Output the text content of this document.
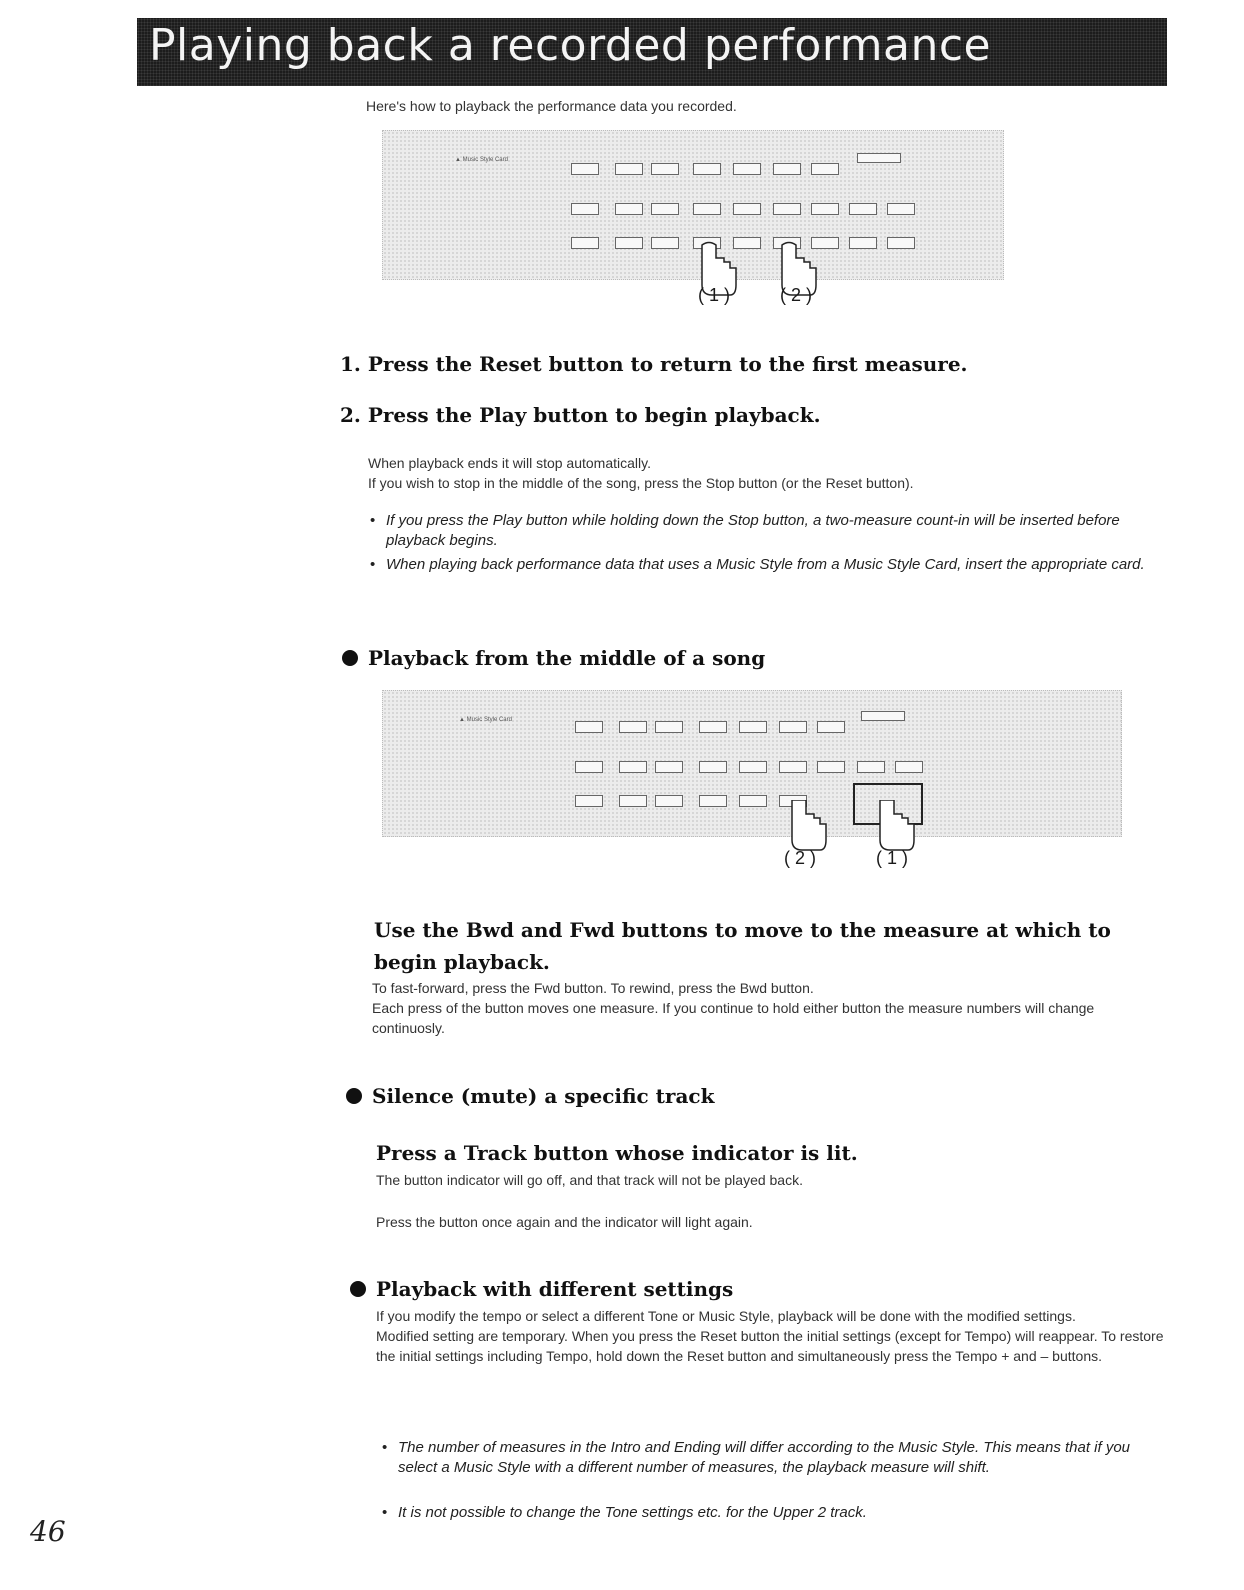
Playing back a recorded performance
Here's how to playback the performance data you recorded.
▲ Music Style Card
( 1 )	( 2 )
1. Press the Reset button to return to the first measure.
2. Press the Play button to begin playback.
When playback ends it will stop automatically.
If you wish to stop in the middle of the song, press the Stop button (or the Reset button).
• If you press the Play button while holding down the Stop button, a two-measure count-in will be inserted before playback begins.
• When playing back performance data that uses a Music Style from a Music Style Card, insert the appropriate card.
Playback from the middle of a song
▲ Music Style Card
( 2 )	( 1 )
Use the Bwd and Fwd buttons to move to the measure at which to begin playback.
To fast-forward, press the Fwd button. To rewind, press the Bwd button.
Each press of the button moves one measure. If you continue to hold either button the measure numbers will change continuosly.
Silence (mute) a specific track
Press a Track button whose indicator is lit.
The button indicator will go off, and that track will not be played back.
Press the button once again and the indicator will light again.
Playback with different settings
If you modify the tempo or select a different Tone or Music Style, playback will be done with the modified settings.
Modified setting are temporary. When you press the Reset button the initial settings (except for Tempo) will reappear. To restore the initial settings including Tempo, hold down the Reset button and simultaneously press the Tempo + and – buttons.
• The number of measures in the Intro and Ending will differ according to the Music Style. This means that if you select a Music Style with a different number of measures, the playback measure will shift.
• It is not possible to change the Tone settings etc. for the Upper 2 track.
46
